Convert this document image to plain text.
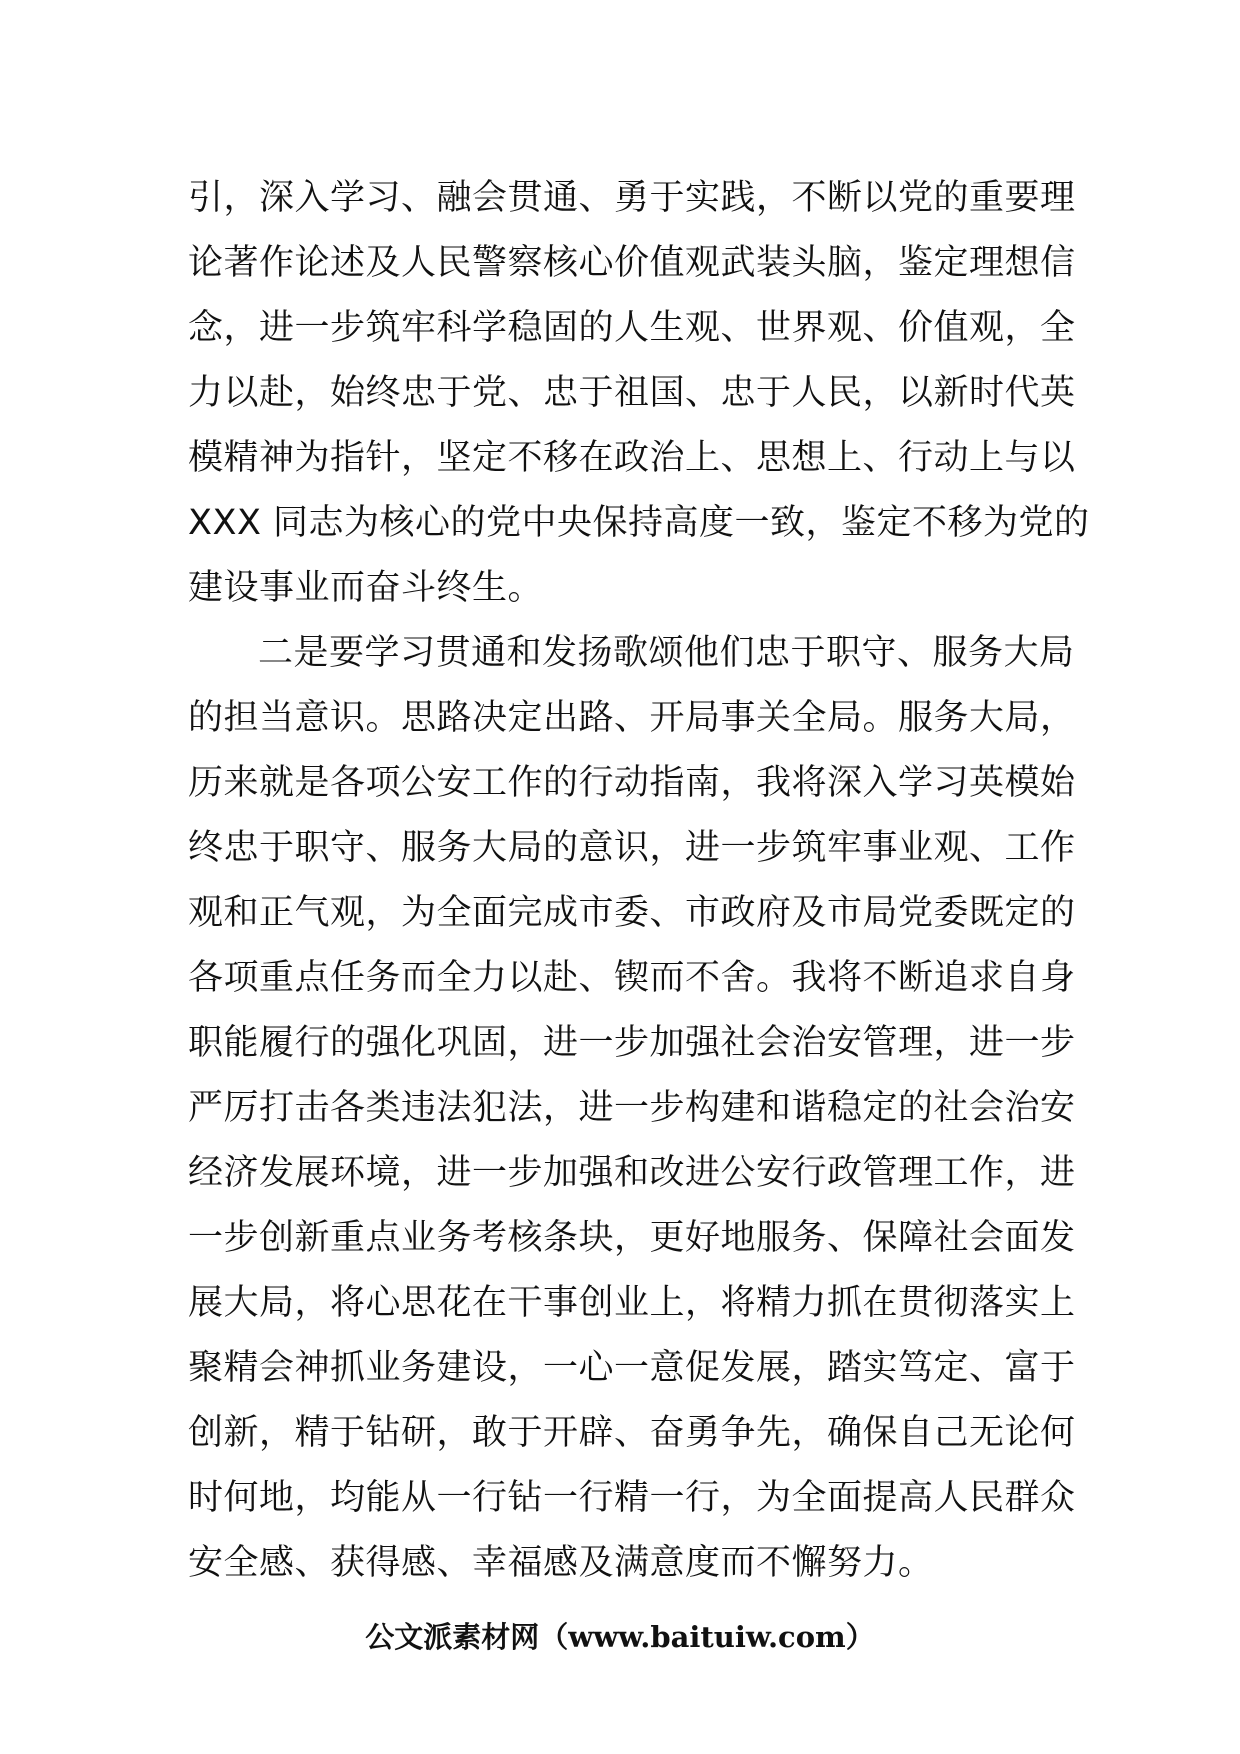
引，深入学习、融会贯通、勇于实践，不断以党的重要理
论著作论述及人民警察核心价值观武装头脑，鉴定理想信
念，进一步筑牢科学稳固的人生观、世界观、价值观，全
力以赴，始终忠于党、忠于祖国、忠于人民，以新时代英
模精神为指针，坚定不移在政治上、思想上、行动上与以
XXX 同志为核心的党中央保持高度一致，鉴定不移为党的
建设事业而奋斗终生。
二是要学习贯通和发扬歌颂他们忠于职守、服务大局
的担当意识。思路决定出路、开局事关全局。服务大局，
历来就是各项公安工作的行动指南，我将深入学习英模始
终忠于职守、服务大局的意识，进一步筑牢事业观、工作
观和正气观，为全面完成市委、市政府及市局党委既定的
各项重点任务而全力以赴、锲而不舍。我将不断追求自身
职能履行的强化巩固，进一步加强社会治安管理，进一步
严厉打击各类违法犯法，进一步构建和谐稳定的社会治安
经济发展环境，进一步加强和改进公安行政管理工作，进
一步创新重点业务考核条块，更好地服务、保障社会面发
展大局，将心思花在干事创业上，将精力抓在贯彻落实上
聚精会神抓业务建设，一心一意促发展，踏实笃定、富于
创新，精于钻研，敢于开辟、奋勇争先，确保自己无论何
时何地，均能从一行钻一行精一行，为全面提高人民群众
安全感、获得感、幸福感及满意度而不懈努力。
公文派素材网（www.baituiw.com）
